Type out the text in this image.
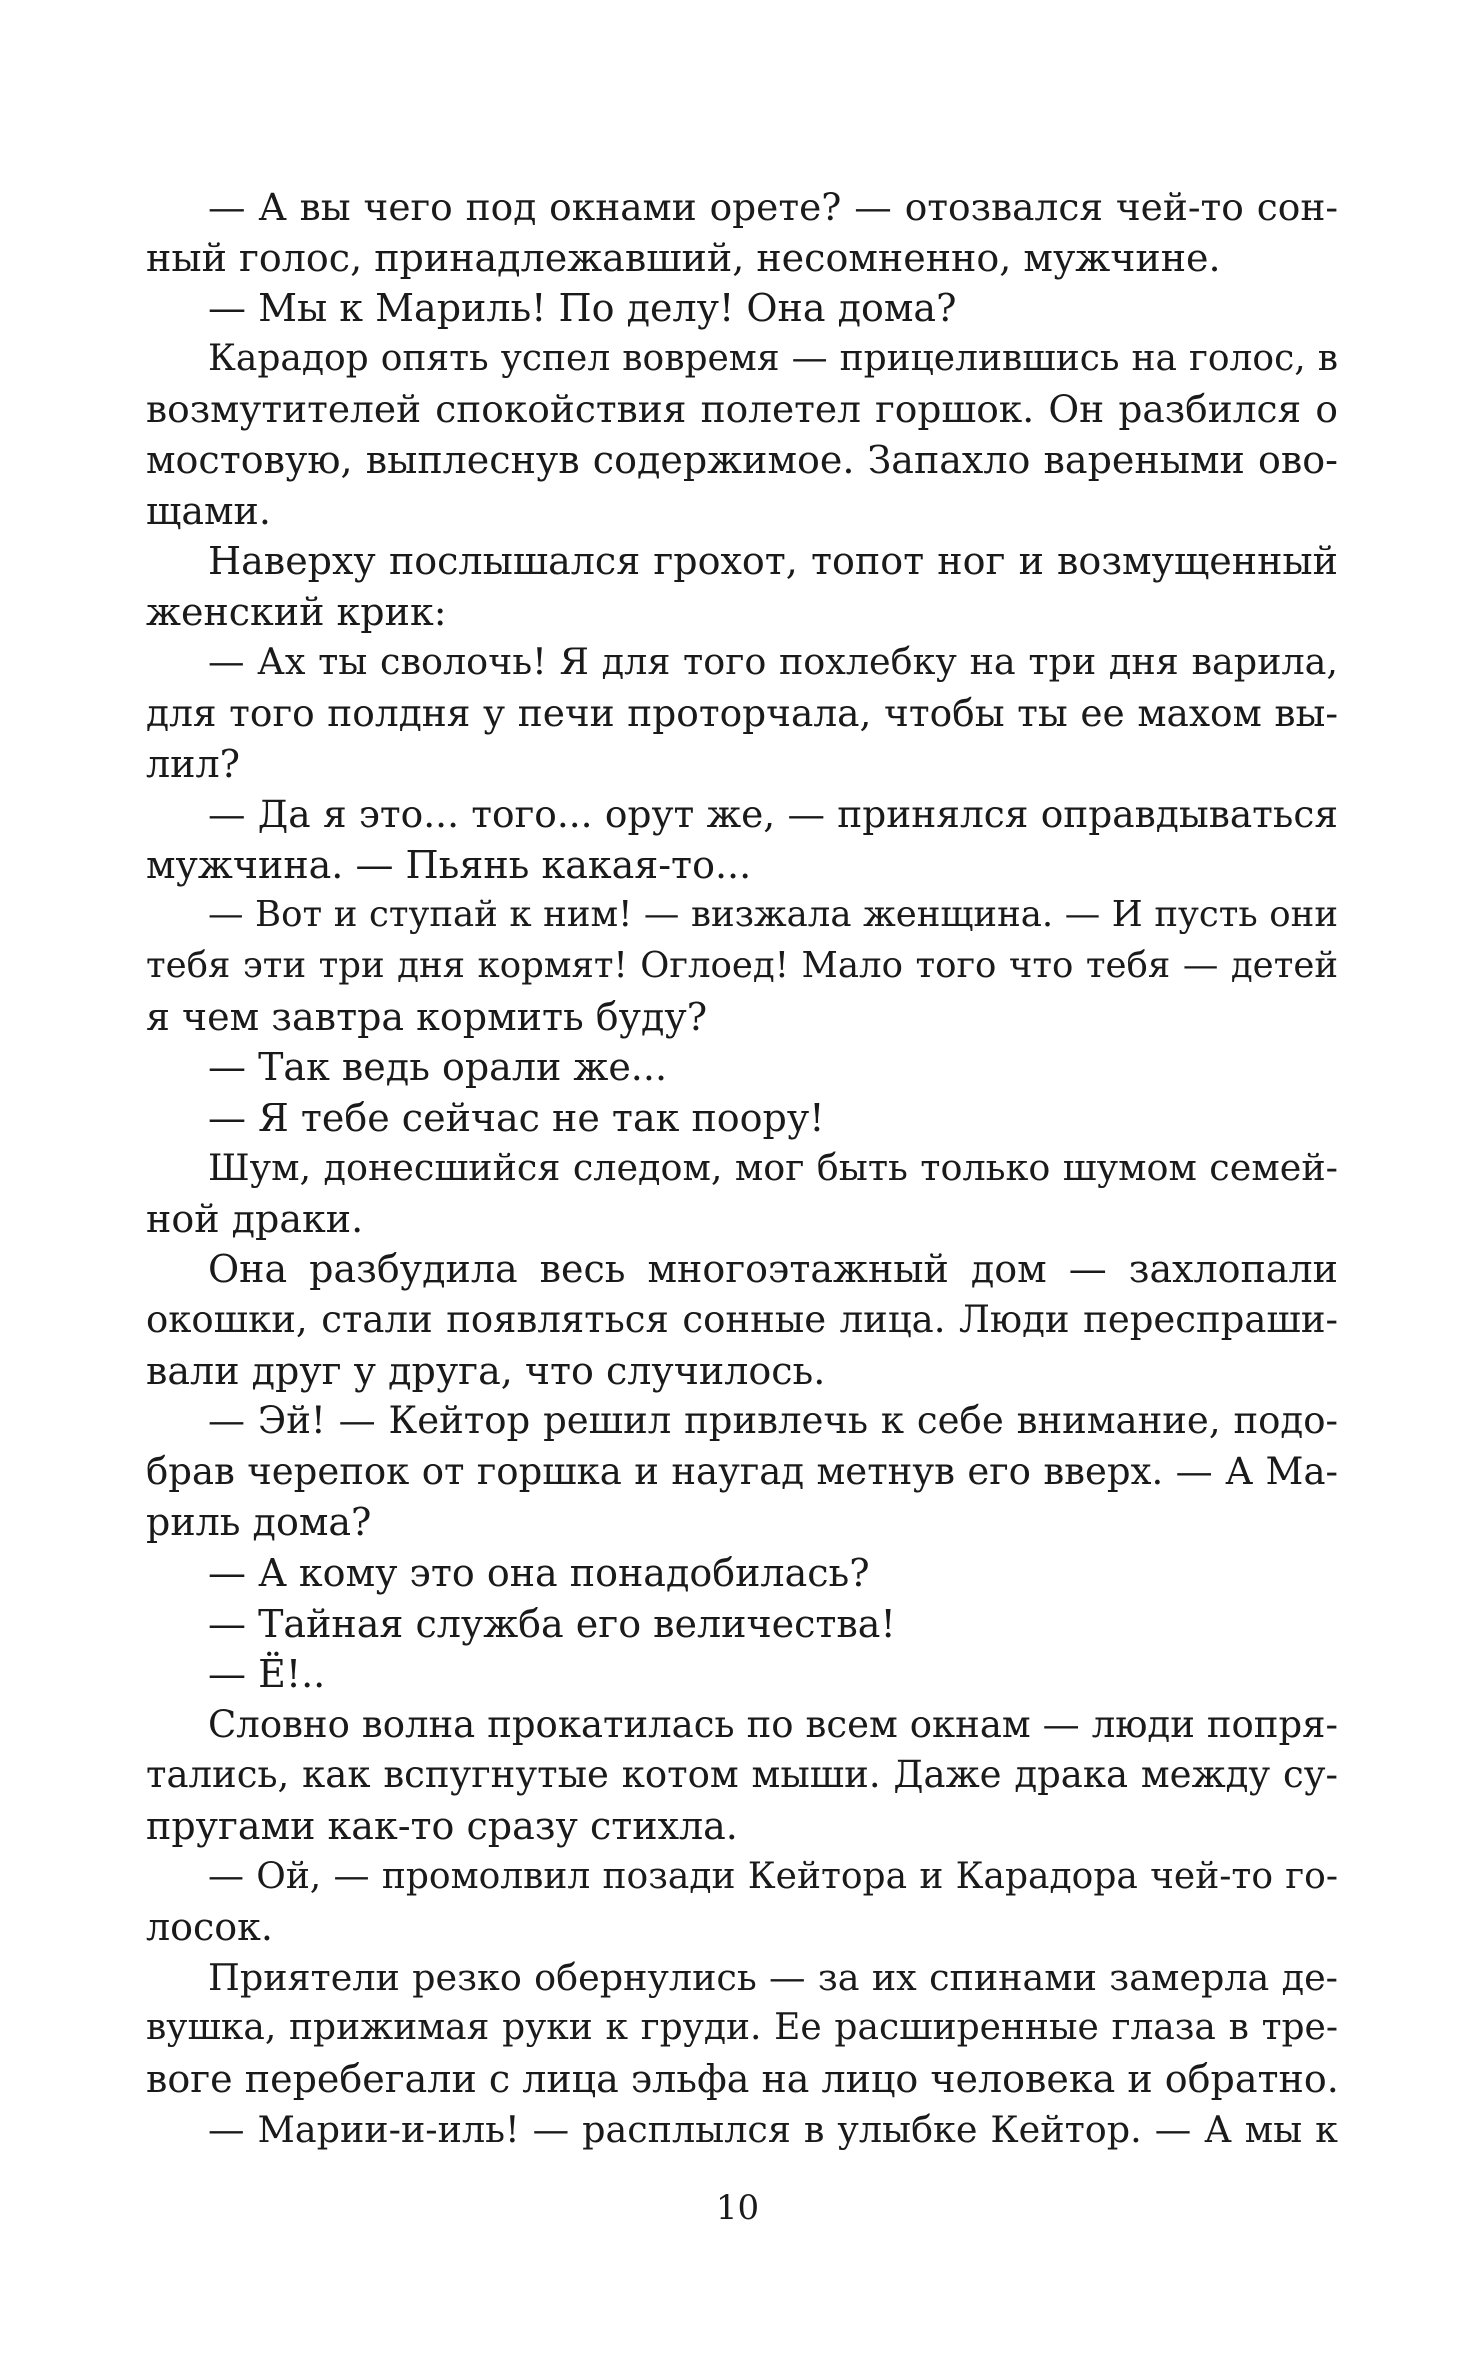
— А вы чего под окнами орете? — отозвался чей-то сон-
ный голос, принадлежавший, несомненно, мужчине.
— Мы к Мариль! По делу! Она дома?
Карадор опять успел вовремя — прицелившись на голос, в
возмутителей спокойствия полетел горшок. Он разбился о
мостовую, выплеснув содержимое. Запахло вареными ово-
щами.
Наверху послышался грохот, топот ног и возмущенный
женский крик:
— Ах ты сволочь! Я для того похлебку на три дня варила,
для того полдня у печи проторчала, чтобы ты ее махом вы-
лил?
— Да я это... того... орут же, — принялся оправдываться
мужчина. — Пьянь какая-то...
— Вот и ступай к ним! — визжала женщина. — И пусть они
тебя эти три дня кормят! Оглоед! Мало того что тебя — детей
я чем завтра кормить буду?
— Так ведь орали же...
— Я тебе сейчас не так поору!
Шум, донесшийся следом, мог быть только шумом семей-
ной драки.
Она разбудила весь многоэтажный дом — захлопали
окошки, стали появляться сонные лица. Люди переспраши-
вали друг у друга, что случилось.
— Эй! — Кейтор решил привлечь к себе внимание, подо-
брав черепок от горшка и наугад метнув его вверх. — А Ма-
риль дома?
— А кому это она понадобилась?
— Тайная служба его величества!
— Ё!..
Словно волна прокатилась по всем окнам — люди попря-
тались, как вспугнутые котом мыши. Даже драка между су-
пругами как-то сразу стихла.
— Ой, — промолвил позади Кейтора и Карадора чей-то го-
лосок.
Приятели резко обернулись — за их спинами замерла де-
вушка, прижимая руки к груди. Ее расширенные глаза в тре-
воге перебегали с лица эльфа на лицо человека и обратно.
— Марии-и-иль! — расплылся в улыбке Кейтор. — А мы к
10
